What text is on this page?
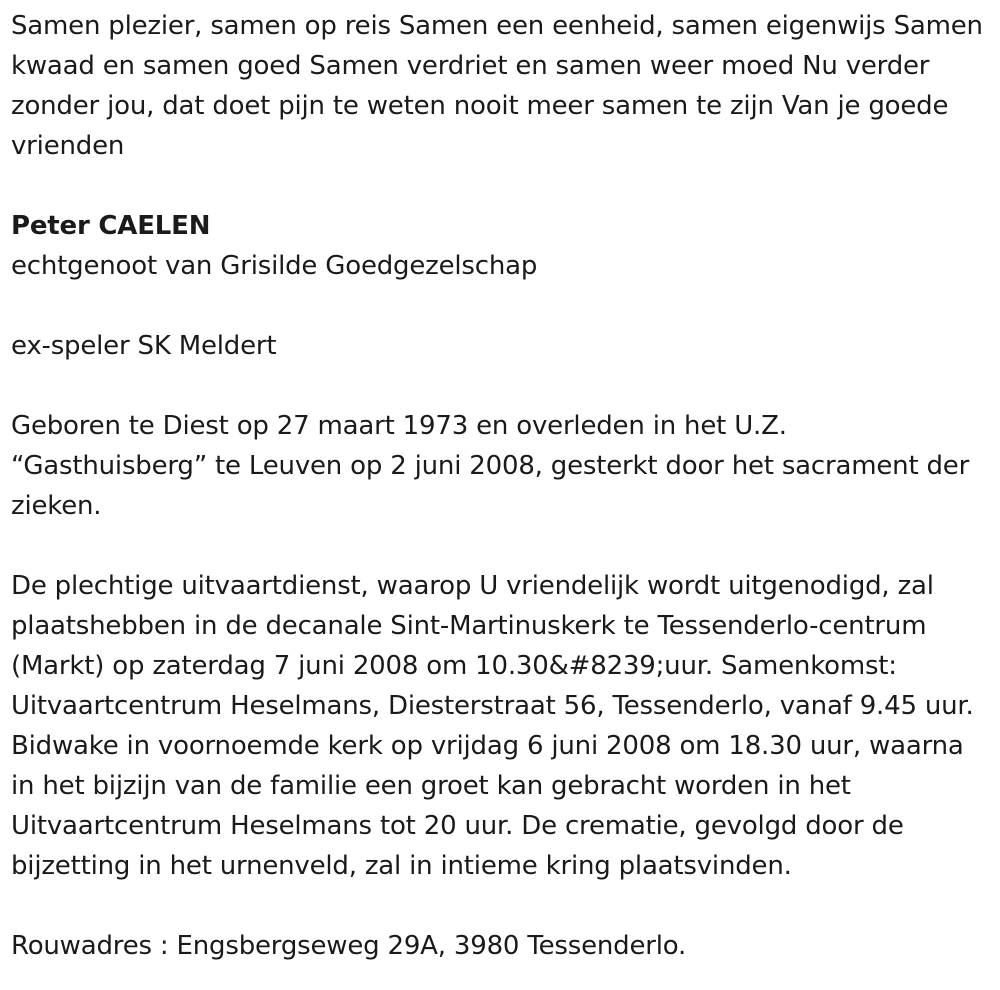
Samen plezier, samen op reis Samen een eenheid, samen eigenwijs Samen kwaad en samen goed Samen verdriet en samen weer moed Nu verder zonder jou, dat doet pijn te weten nooit meer samen te zijn Van je goede vrienden

Peter CAELEN

echtgenoot van Grisilde Goedgezelschap

ex-speler SK Meldert

Geboren te Diest op 27 maart 1973 en overleden in het U.Z. “Gasthuisberg” te Leuven op 2 juni 2008, gesterkt door het sacrament der zieken.

De plechtige uitvaartdienst, waarop U vriendelijk wordt uitgenodigd, zal plaatshebben in de decanale Sint-Martinuskerk te Tessenderlo-centrum (Markt) op zaterdag 7 juni 2008 om 10.30&#8239;uur. Samenkomst: Uitvaartcentrum Heselmans, Diesterstraat 56, Tessenderlo, vanaf 9.45 uur. Bidwake in voornoemde kerk op vrijdag 6 juni 2008 om 18.30 uur, waarna in het bijzijn van de familie een groet kan gebracht worden in het Uitvaartcentrum Heselmans tot 20 uur. De crematie, gevolgd door de bijzetting in het urnenveld, zal in intieme kring plaatsvinden.

Rouwadres : Engsbergseweg 29A, 3980 Tessenderlo.
